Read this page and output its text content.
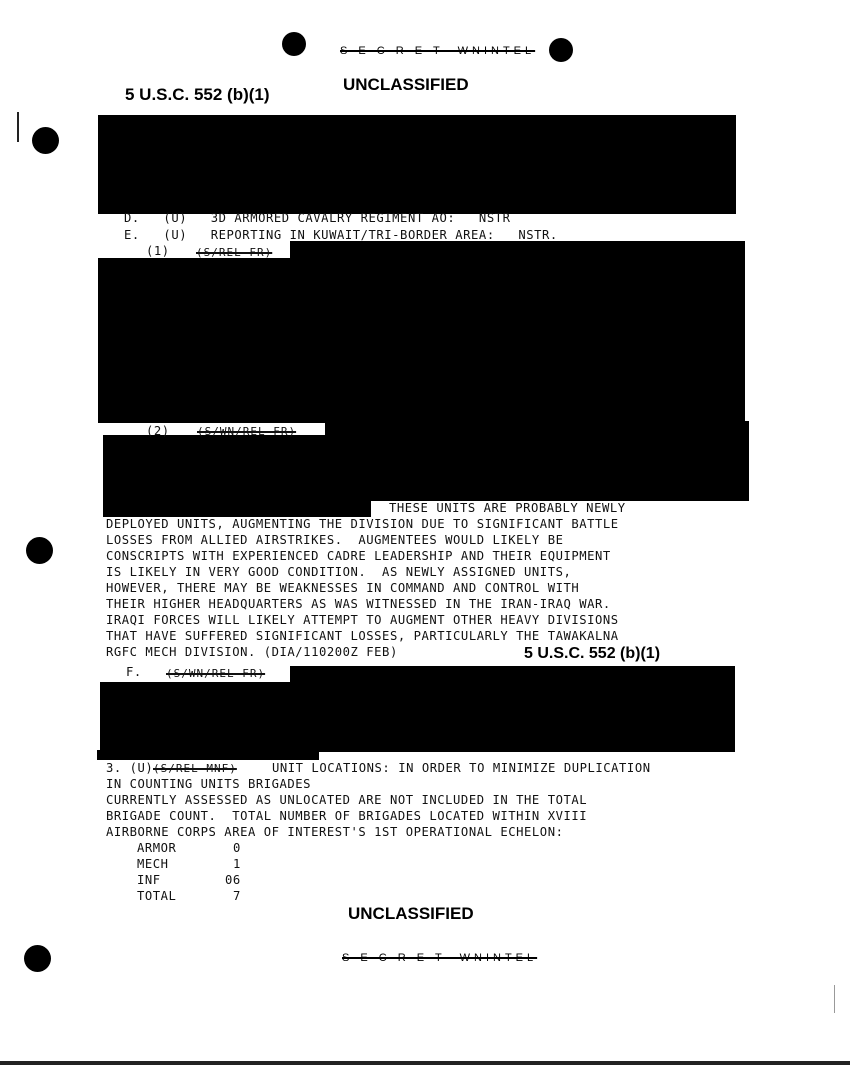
S E C R E T  WNINTEL
UNCLASSIFIED
5 U.S.C. 552 (b)(1)
D.   (U)   3D ARMORED CAVALRY REGIMENT AO:   NSTR
E.   (U)   REPORTING IN KUWAIT/TRI-BORDER AREA:   NSTR.
(1) (S/REL FR)
(2) (S/WN/REL FR)
THESE UNITS ARE PROBABLY NEWLY
DEPLOYED UNITS, AUGMENTING THE DIVISION DUE TO SIGNIFICANT BATTLE
LOSSES FROM ALLIED AIRSTRIKES.  AUGMENTEES WOULD LIKELY BE
CONSCRIPTS WITH EXPERIENCED CADRE LEADERSHIP AND THEIR EQUIPMENT
IS LIKELY IN VERY GOOD CONDITION.  AS NEWLY ASSIGNED UNITS,
HOWEVER, THERE MAY BE WEAKNESSES IN COMMAND AND CONTROL WITH
THEIR HIGHER HEADQUARTERS AS WAS WITNESSED IN THE IRAN-IRAQ WAR.
IRAQI FORCES WILL LIKELY ATTEMPT TO AUGMENT OTHER HEAVY DIVISIONS
THAT HAVE SUFFERED SIGNIFICANT LOSSES, PARTICULARLY THE TAWAKALNA
RGFC MECH DIVISION. (DIA/110200Z FEB)	5 U.S.C. 552 (b)(1)
F. (S/WN/REL FR)
3. (U) (S/REL MNF)	UNIT LOCATIONS: IN ORDER TO MINIMIZE DUPLICATION
IN COUNTING UNITS BRIGADES
CURRENTLY ASSESSED AS UNLOCATED ARE NOT INCLUDED IN THE TOTAL
BRIGADE COUNT.  TOTAL NUMBER OF BRIGADES LOCATED WITHIN XVIII
AIRBORNE CORPS AREA OF INTEREST'S 1ST OPERATIONAL ECHELON:
ARMOR	0
MECH	1
INF	06
TOTAL	7
UNCLASSIFIED
S E C R E T  WNINTEL
